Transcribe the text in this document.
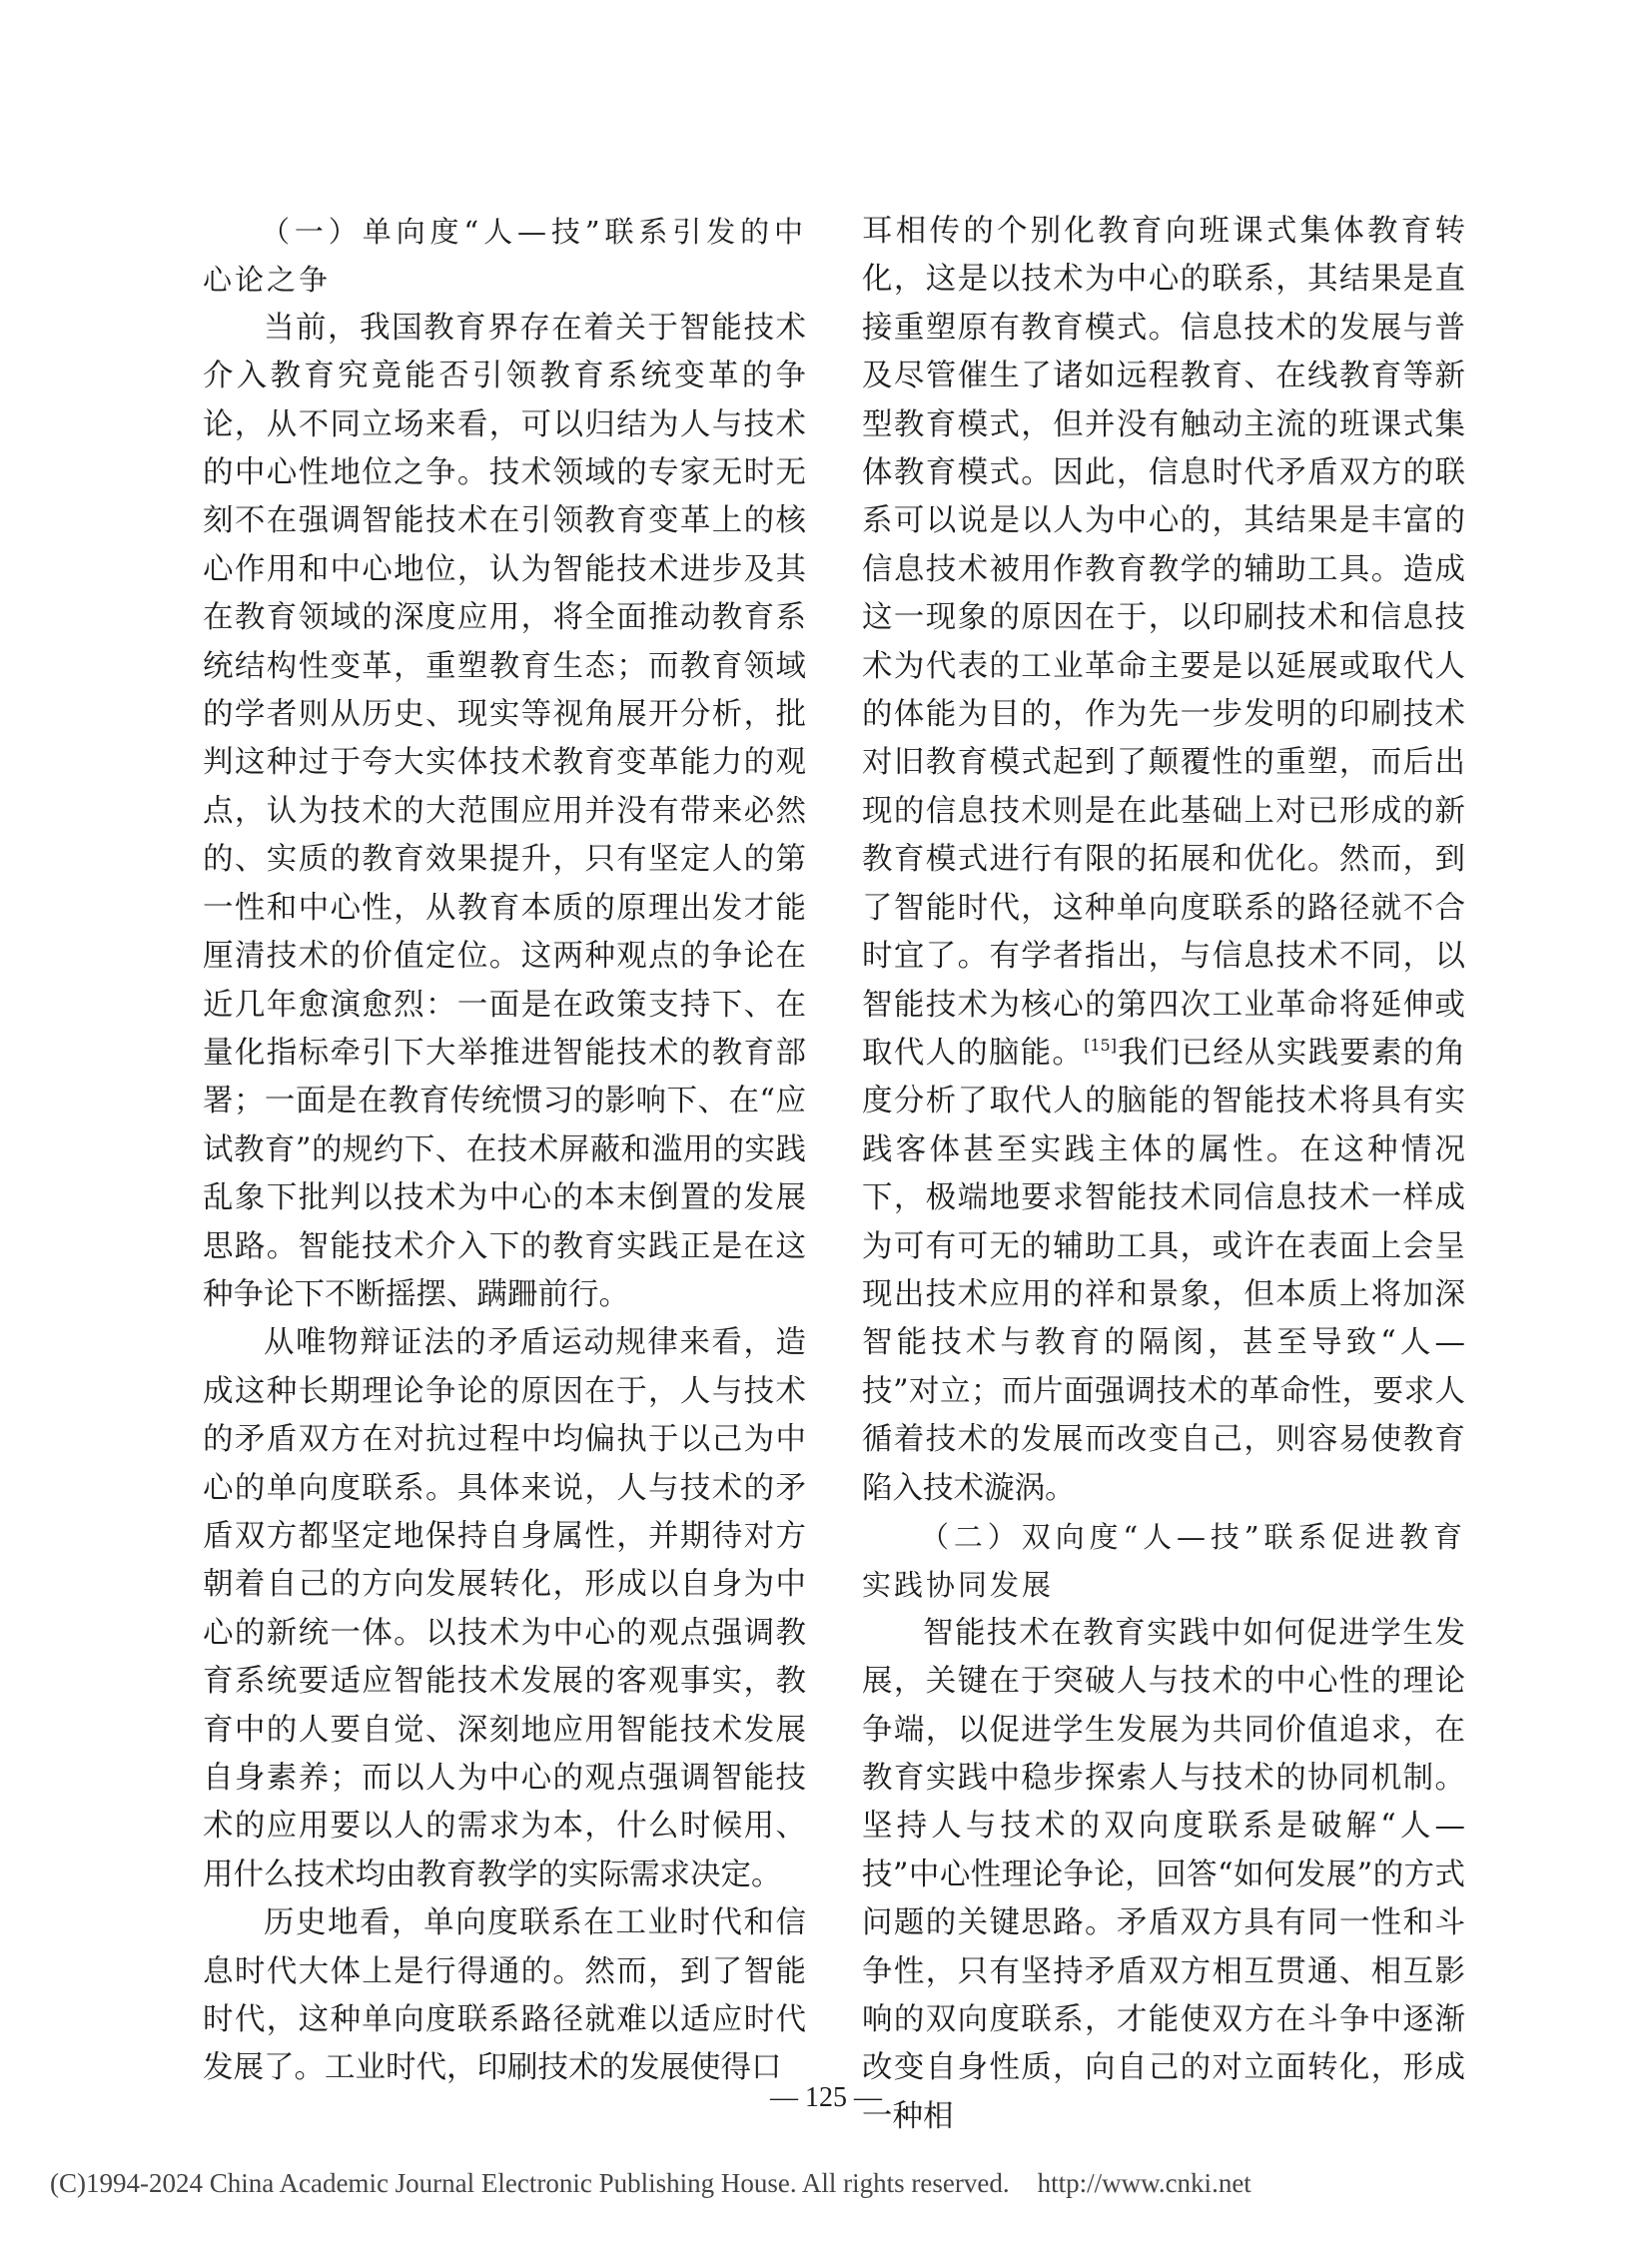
（一）单向度“人—技”联系引发的中心论之争

当前，我国教育界存在着关于智能技术介入教育究竟能否引领教育系统变革的争论，从不同立场来看，可以归结为人与技术的中心性地位之争。技术领域的专家无时无刻不在强调智能技术在引领教育变革上的核心作用和中心地位，认为智能技术进步及其在教育领域的深度应用，将全面推动教育系统结构性变革，重塑教育生态；而教育领域的学者则从历史、现实等视角展开分析，批判这种过于夸大实体技术教育变革能力的观点，认为技术的大范围应用并没有带来必然的、实质的教育效果提升，只有坚定人的第一性和中心性，从教育本质的原理出发才能厘清技术的价值定位。这两种观点的争论在近几年愈演愈烈：一面是在政策支持下、在量化指标牵引下大举推进智能技术的教育部署；一面是在教育传统惯习的影响下、在“应试教育”的规约下、在技术屏蔽和滥用的实践乱象下批判以技术为中心的本末倒置的发展思路。智能技术介入下的教育实践正是在这种争论下不断摇摆、蹒跚前行。

从唯物辩证法的矛盾运动规律来看，造成这种长期理论争论的原因在于，人与技术的矛盾双方在对抗过程中均偏执于以己为中心的单向度联系。具体来说，人与技术的矛盾双方都坚定地保持自身属性，并期待对方朝着自己的方向发展转化，形成以自身为中心的新统一体。以技术为中心的观点强调教育系统要适应智能技术发展的客观事实，教育中的人要自觉、深刻地应用智能技术发展自身素养；而以人为中心的观点强调智能技术的应用要以人的需求为本，什么时候用、用什么技术均由教育教学的实际需求决定。

历史地看，单向度联系在工业时代和信息时代大体上是行得通的。然而，到了智能时代，这种单向度联系路径就难以适应时代发展了。工业时代，印刷技术的发展使得口

耳相传的个别化教育向班课式集体教育转化，这是以技术为中心的联系，其结果是直接重塑原有教育模式。信息技术的发展与普及尽管催生了诸如远程教育、在线教育等新型教育模式，但并没有触动主流的班课式集体教育模式。因此，信息时代矛盾双方的联系可以说是以人为中心的，其结果是丰富的信息技术被用作教育教学的辅助工具。造成这一现象的原因在于，以印刷技术和信息技术为代表的工业革命主要是以延展或取代人的体能为目的，作为先一步发明的印刷技术对旧教育模式起到了颠覆性的重塑，而后出现的信息技术则是在此基础上对已形成的新教育模式进行有限的拓展和优化。然而，到了智能时代，这种单向度联系的路径就不合时宜了。有学者指出，与信息技术不同，以智能技术为核心的第四次工业革命将延伸或取代人的脑能。[15]我们已经从实践要素的角度分析了取代人的脑能的智能技术将具有实践客体甚至实践主体的属性。在这种情况下，极端地要求智能技术同信息技术一样成为可有可无的辅助工具，或许在表面上会呈现出技术应用的祥和景象，但本质上将加深智能技术与教育的隔阂，甚至导致“人—技”对立；而片面强调技术的革命性，要求人循着技术的发展而改变自己，则容易使教育陷入技术漩涡。

（二）双向度“人—技”联系促进教育实践协同发展

智能技术在教育实践中如何促进学生发展，关键在于突破人与技术的中心性的理论争端，以促进学生发展为共同价值追求，在教育实践中稳步探索人与技术的协同机制。坚持人与技术的双向度联系是破解“人—技”中心性理论争论，回答“如何发展”的方式问题的关键思路。矛盾双方具有同一性和斗争性，只有坚持矛盾双方相互贯通、相互影响的双向度联系，才能使双方在斗争中逐渐改变自身性质，向自己的对立面转化，形成一种相

— 125 —
(C)1994-2024 China Academic Journal Electronic Publishing House. All rights reserved. http://www.cnki.net
